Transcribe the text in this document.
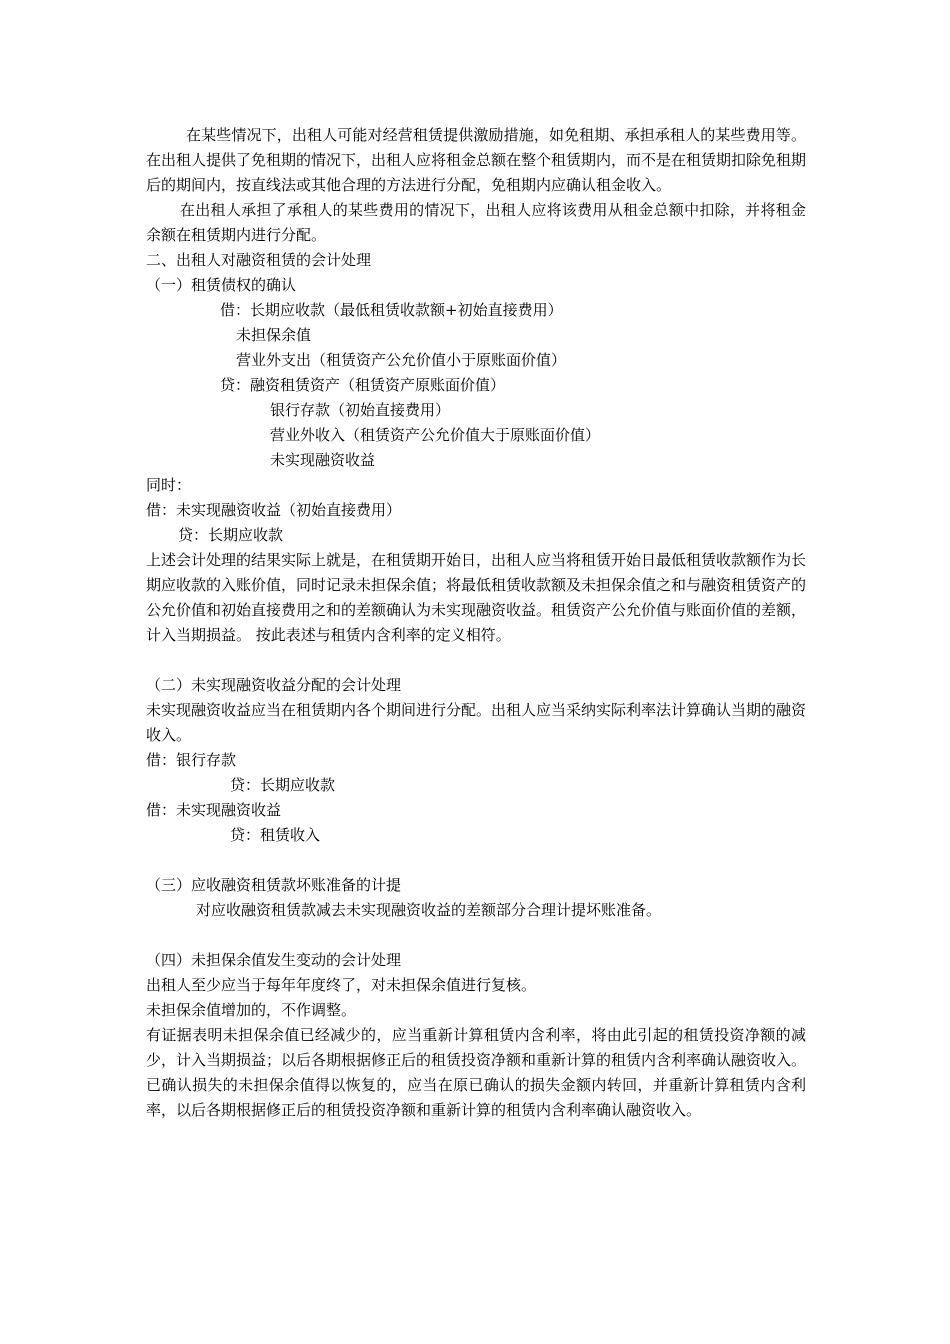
在某些情况下，出租人可能对经营租赁提供激励措施，如免租期、承担承租人的某些费用等。在出租人提供了免租期的情况下，出租人应将租金总额在整个租赁期内，而不是在租赁期扣除免租期后的期间内，按直线法或其他合理的方法进行分配，免租期内应确认租金收入。
在出租人承担了承租人的某些费用的情况下，出租人应将该费用从租金总额中扣除，并将租金余额在租赁期内进行分配。
二、出租人对融资租赁的会计处理
（一）租赁债权的确认
借：长期应收款（最低租赁收款额+初始直接费用）
未担保余值
营业外支出（租赁资产公允价值小于原账面价值）
贷：融资租赁资产（租赁资产原账面价值）
银行存款（初始直接费用）
营业外收入（租赁资产公允价值大于原账面价值）
未实现融资收益
同时：
借：未实现融资收益（初始直接费用）
贷：长期应收款
上述会计处理的结果实际上就是，在租赁期开始日，出租人应当将租赁开始日最低租赁收款额作为长期应收款的入账价值，同时记录未担保余值；将最低租赁收款额及未担保余值之和与融资租赁资产的公允价值和初始直接费用之和的差额确认为未实现融资收益。租赁资产公允价值与账面价值的差额，计入当期损益。 按此表述与租赁内含利率的定义相符。
（二）未实现融资收益分配的会计处理
未实现融资收益应当在租赁期内各个期间进行分配。出租人应当采纳实际利率法计算确认当期的融资收入。
借：银行存款
贷：长期应收款
借：未实现融资收益
贷：租赁收入
（三）应收融资租赁款坏账准备的计提
对应收融资租赁款减去未实现融资收益的差额部分合理计提坏账准备。
（四）未担保余值发生变动的会计处理
出租人至少应当于每年年度终了，对未担保余值进行复核。
未担保余值增加的，不作调整。
有证据表明未担保余值已经减少的，应当重新计算租赁内含利率，将由此引起的租赁投资净额的减少，计入当期损益；以后各期根据修正后的租赁投资净额和重新计算的租赁内含利率确认融资收入。
已确认损失的未担保余值得以恢复的，应当在原已确认的损失金额内转回，并重新计算租赁内含利率，以后各期根据修正后的租赁投资净额和重新计算的租赁内含利率确认融资收入。
